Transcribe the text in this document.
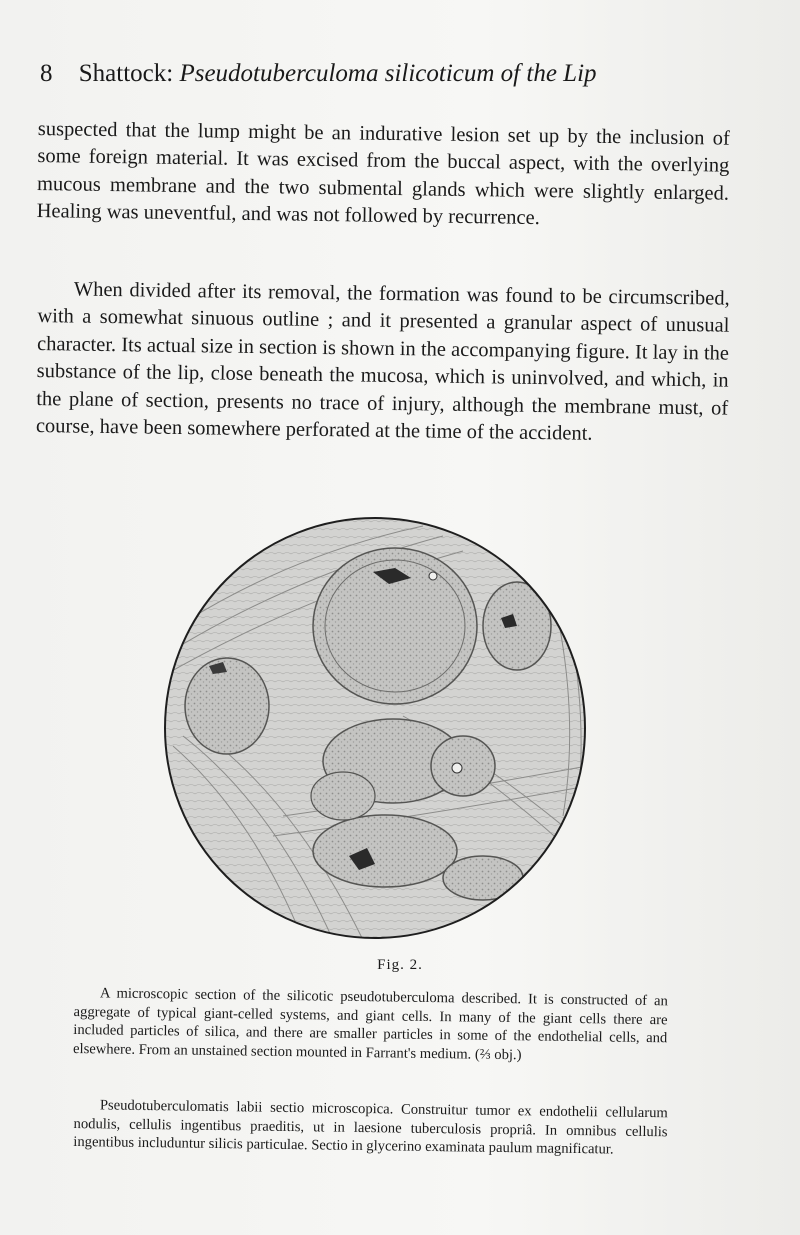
8 Shattock: Pseudotuberculoma silicoticum of the Lip
suspected that the lump might be an indurative lesion set up by the inclusion of some foreign material. It was excised from the buccal aspect, with the overlying mucous membrane and the two submental glands which were slightly enlarged. Healing was uneventful, and was not followed by recurrence.
When divided after its removal, the formation was found to be circumscribed, with a somewhat sinuous outline ; and it presented a granular aspect of unusual character. Its actual size in section is shown in the accompanying figure. It lay in the substance of the lip, close beneath the mucosa, which is uninvolved, and which, in the plane of section, presents no trace of injury, although the membrane must, of course, have been somewhere perforated at the time of the accident.
Fig. 2.
A microscopic section of the silicotic pseudotuberculoma described. It is constructed of an aggregate of typical giant-celled systems, and giant cells. In many of the giant cells there are included particles of silica, and there are smaller particles in some of the endothelial cells, and elsewhere. From an unstained section mounted in Farrant's medium. (⅔ obj.)
Pseudotuberculomatis labii sectio microscopica. Construitur tumor ex endothelii cellularum nodulis, cellulis ingentibus praeditis, ut in laesione tuberculosis propriâ. In omnibus cellulis ingentibus includuntur silicis particulae. Sectio in glycerino examinata paulum magnificatur.
